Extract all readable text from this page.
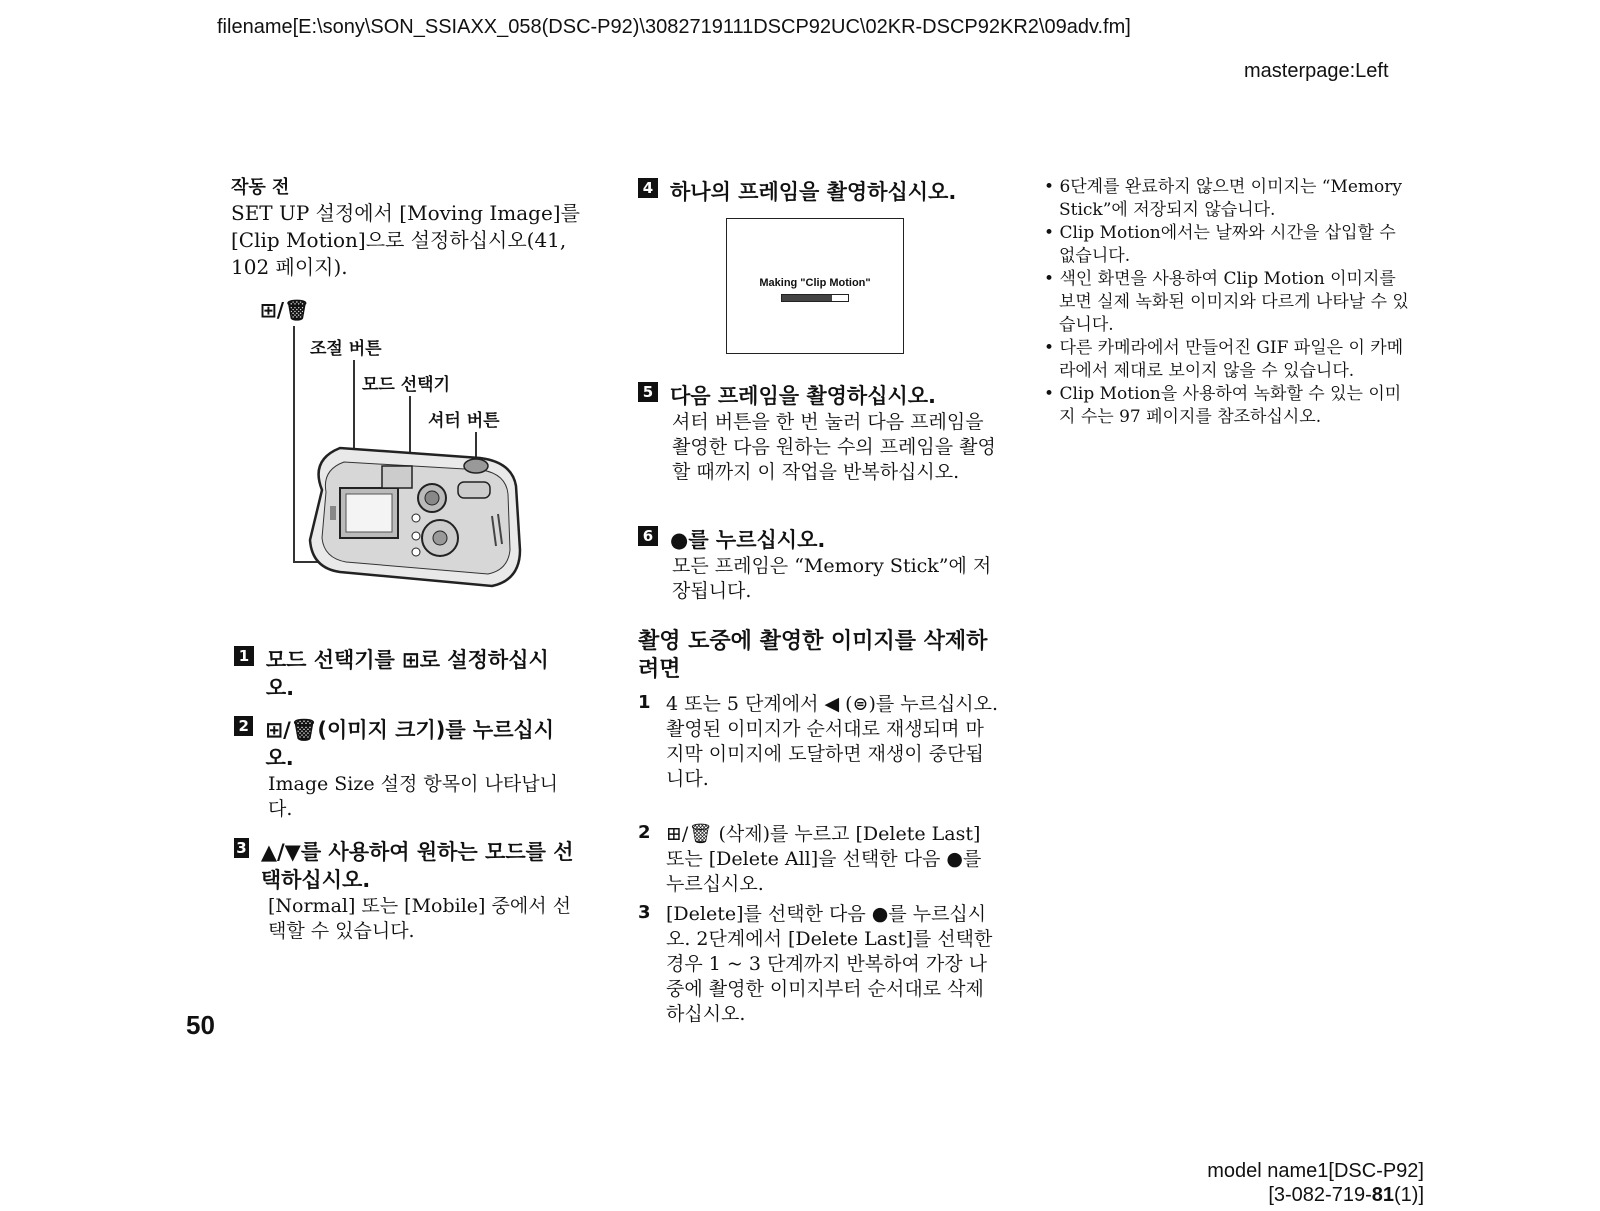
filename[E:\sony\SON_SSIAXX_058(DSC-P92)\3082719111DSCP92UC\02KR-DSCP92KR2\09adv.fm]
masterpage:Left
작동 전
SET UP 설정에서 [Moving Image]를 [Clip Motion]으로 설정하십시오(41, 102 페이지).
⊞/🗑
조절 버튼
모드 선택기
셔터 버튼
1 모드 선택기를 ⊞로 설정하십시오.
2 ⊞/🗑(이미지 크기)를 누르십시오.
Image Size 설정 항목이 나타납니다.
3 ▲/▼를 사용하여 원하는 모드를 선택하십시오.
[Normal] 또는 [Mobile] 중에서 선택할 수 있습니다.
4 하나의 프레임을 촬영하십시오.
Making "Clip Motion"
5 다음 프레임을 촬영하십시오.
셔터 버튼을 한 번 눌러 다음 프레임을 촬영한 다음 원하는 수의 프레임을 촬영할 때까지 이 작업을 반복하십시오.
6 ●를 누르십시오.
모든 프레임은 “Memory Stick”에 저장됩니다.
촬영 도중에 촬영한 이미지를 삭제하려면
1 4 또는 5 단계에서 ◀ (⊜)를 누르십시오. 촬영된 이미지가 순서대로 재생되며 마지막 이미지에 도달하면 재생이 중단됩니다.
2 ⊞/🗑 (삭제)를 누르고 [Delete Last] 또는 [Delete All]을 선택한 다음 ●를 누르십시오.
3 [Delete]를 선택한 다음 ●를 누르십시오. 2단계에서 [Delete Last]를 선택한 경우 1 ~ 3 단계까지 반복하여 가장 나중에 촬영한 이미지부터 순서대로 삭제하십시오.
• 6단계를 완료하지 않으면 이미지는 “Memory Stick”에 저장되지 않습니다.
• Clip Motion에서는 날짜와 시간을 삽입할 수 없습니다.
• 색인 화면을 사용하여 Clip Motion 이미지를 보면 실제 녹화된 이미지와 다르게 나타날 수 있습니다.
• 다른 카메라에서 만들어진 GIF 파일은 이 카메라에서 제대로 보이지 않을 수 있습니다.
• Clip Motion을 사용하여 녹화할 수 있는 이미지 수는 97 페이지를 참조하십시오.
50
model name1[DSC-P92]
[3-082-719-81(1)]
